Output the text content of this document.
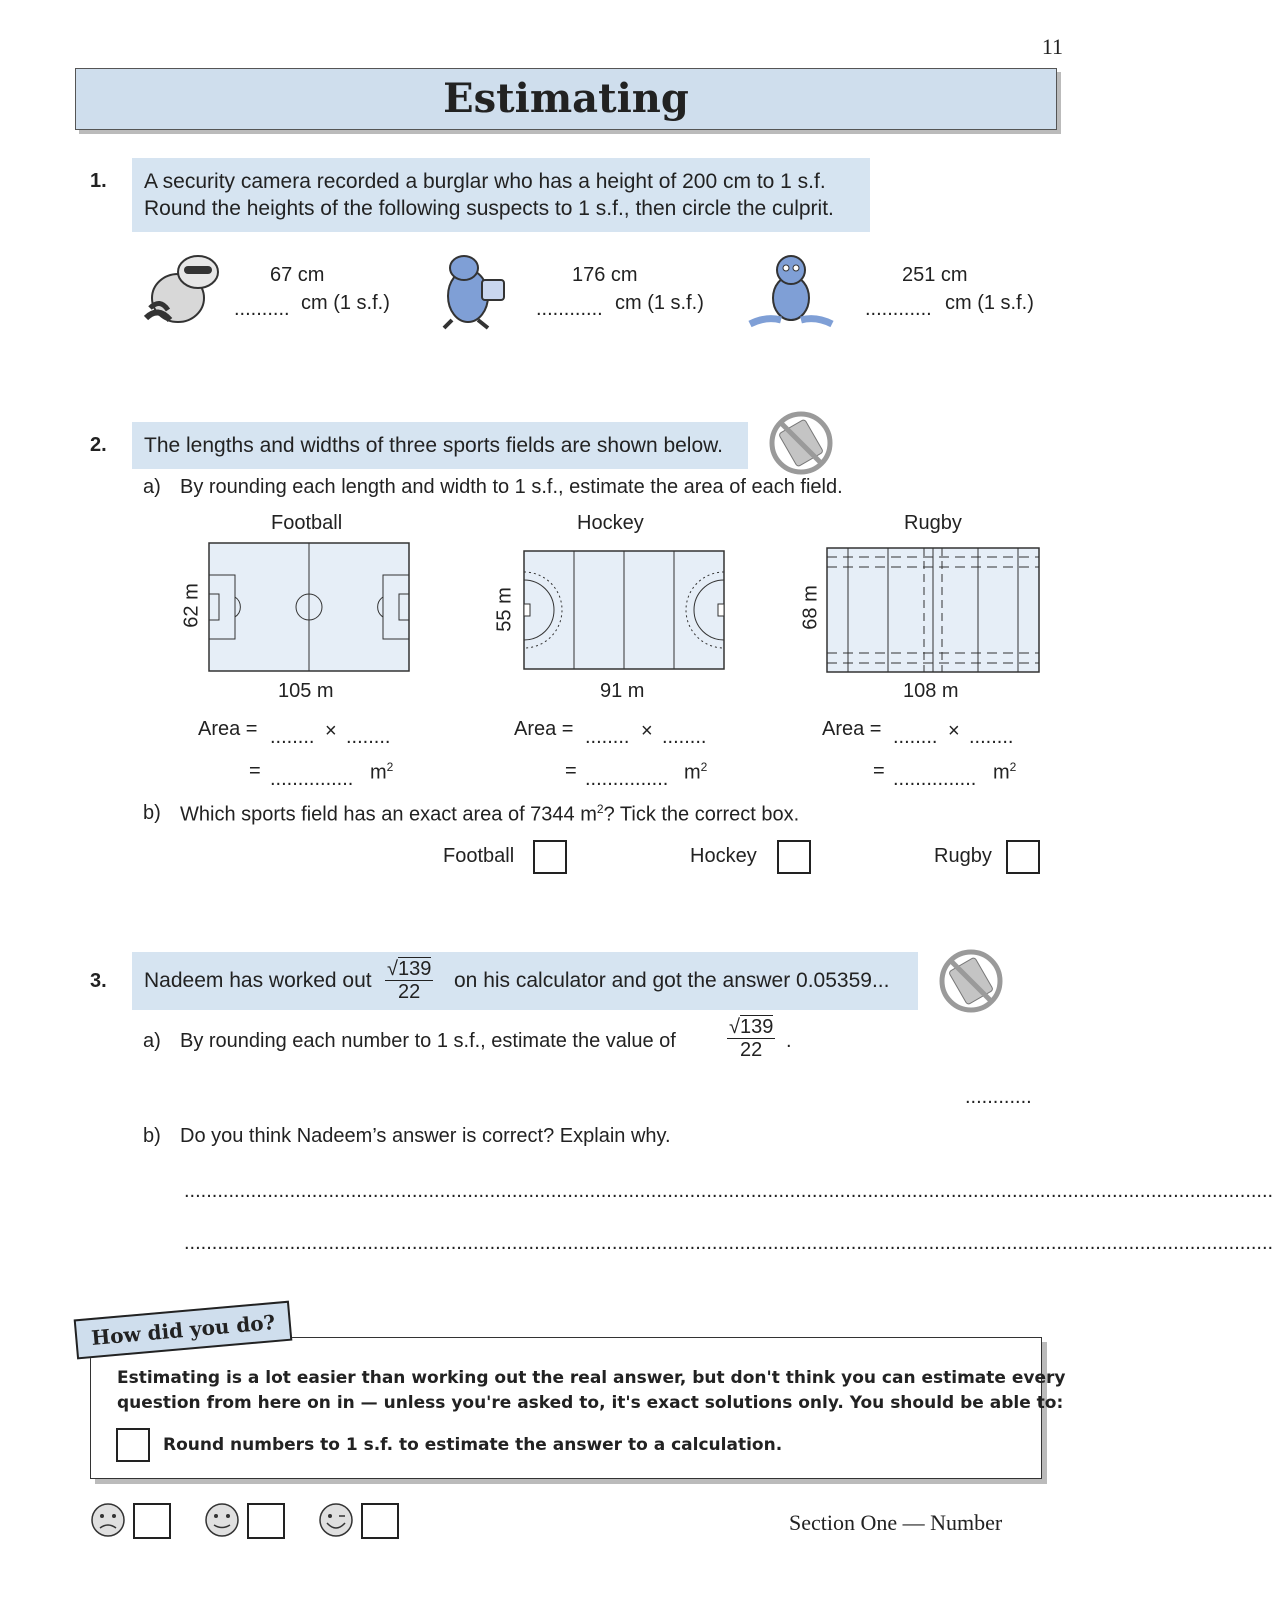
11
Estimating
1. A security camera recorded a burglar who has a height of 200 cm to 1 s.f.
Round the heights of the following suspects to 1 s.f., then circle the culprit.
67 cm
.......... cm (1 s.f.)
176 cm
............ cm (1 s.f.)
251 cm
............ cm (1 s.f.)
2.	The lengths and widths of three sports fields are shown below.
a) By rounding each length and width to 1 s.f., estimate the area of each field.
Football	Hockey	Rugby
62 m	55 m	68 m
105 m	91 m	108 m
Area = ........ × ........
= ............... $m^2$
Area = ........ × ........
= ............... $m^2$
Area = ........ × ........
= ............... $m^2$
b) Which sports field has an exact area of 7344 $m^2$? Tick the correct box.
Football	Hockey	Rugby
3. Nadeem has worked out $\frac{√139}{22}$ on his calculator and got the answer 0.05359...
a) By rounding each number to 1 s.f., estimate the value of	$\frac{√139}{22}$ .
............
b) Do you think Nadeem’s answer is correct? Explain why.
....................................................................................................................................................................................................
....................................................................................................................................................................................................
How did you do?
Estimating is a lot easier than working out the real answer, but don't think you can estimate every
question from here on in — unless you're asked to, it's exact solutions only. You should be able to:
Round numbers to 1 s.f. to estimate the answer to a calculation.
Section One — Number
